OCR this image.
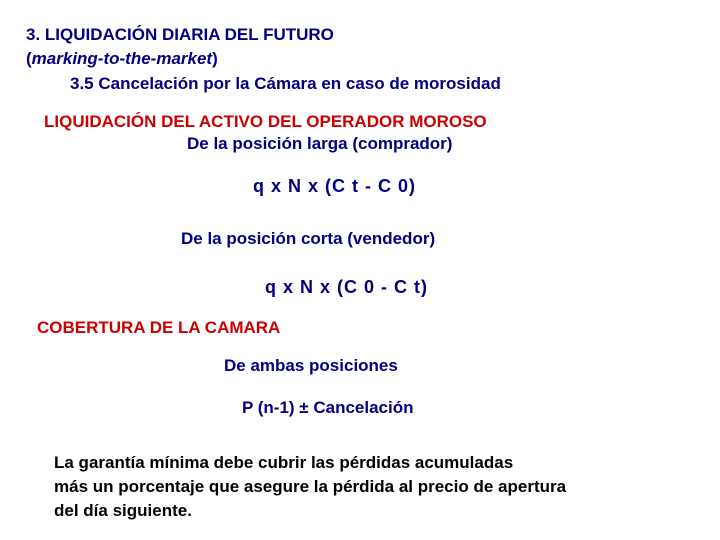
3. LIQUIDACIÓN DIARIA DEL FUTURO
(marking-to-the-market)
3.5 Cancelación por la Cámara en caso de morosidad
LIQUIDACIÓN DEL ACTIVO DEL OPERADOR MOROSO
De la posición larga (comprador)
q x N x (C t - C 0)
De la posición corta (vendedor)
q x N x (C 0 - C t)
COBERTURA DE LA CAMARA
De ambas posiciones
P (n-1) ± Cancelación
La garantía mínima debe cubrir las pérdidas acumuladas
más un porcentaje que asegure la pérdida al precio de apertura
del día siguiente.
